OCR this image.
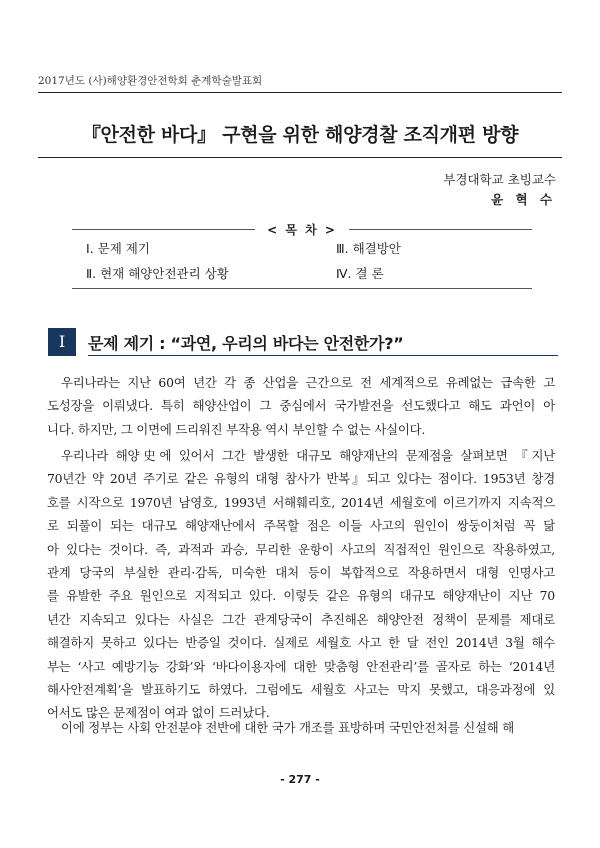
2017년도 (사)해양환경안전학회 춘계학술발표회
『안전한 바다』 구현을 위한 해양경찰 조직개편 방향
부경대학교 초빙교수
윤 혁 수
< 목 차 >
Ⅰ. 문제 제기	Ⅲ. 해결방안
Ⅱ. 현재 해양안전관리 상황	Ⅳ. 결 론
Ⅰ	문제 제기 : “과연, 우리의 바다는 안전한가?”
우리나라는 지난 60여 년간 각 종 산업을 근간으로 전 세계적으로 유례없는 급속한 고
도성장을 이뤄냈다. 특히 해양산업이 그 중심에서 국가발전을 선도했다고 해도 과언이 아
니다. 하지만, 그 이면에 드리워진 부작용 역시 부인할 수 없는 사실이다.
우리나라 해양史에 있어서 그간 발생한 대규모 해양재난의 문제점을 살펴보면 『지난
70년간 약 20년 주기로 같은 유형의 대형 참사가 반복』되고 있다는 점이다. 1953년 창경
호를 시작으로 1970년 남영호, 1993년 서해훼리호, 2014년 세월호에 이르기까지 지속적으
로 되풀이 되는 대규모 해양재난에서 주목할 점은 이들 사고의 원인이 쌍둥이처럼 꼭 닮
아 있다는 것이다. 즉, 과적과 과승, 무리한 운항이 사고의 직접적인 원인으로 작용하였고,
관계 당국의 부실한 관리·감독, 미숙한 대처 등이 복합적으로 작용하면서 대형 인명사고
를 유발한 주요 원인으로 지적되고 있다. 이렇듯 같은 유형의 대규모 해양재난이 지난 70
년간 지속되고 있다는 사실은 그간 관계당국이 추진해온 해양안전 정책이 문제를 제대로
해결하지 못하고 있다는 반증일 것이다. 실제로 세월호 사고 한 달 전인 2014년 3월 해수
부는 ‘사고 예방기능 강화’와 ‘바다이용자에 대한 맞춤형 안전관리’를 골자로 하는 ‘2014년
해사안전계획’을 발표하기도 하였다. 그럼에도 세월호 사고는 막지 못했고, 대응과정에 있
어서도 많은 문제점이 여과 없이 드러났다.
이에 정부는 사회 안전분야 전반에 대한 국가 개조를 표방하며 국민안전처를 신설해 해
- 277 -
